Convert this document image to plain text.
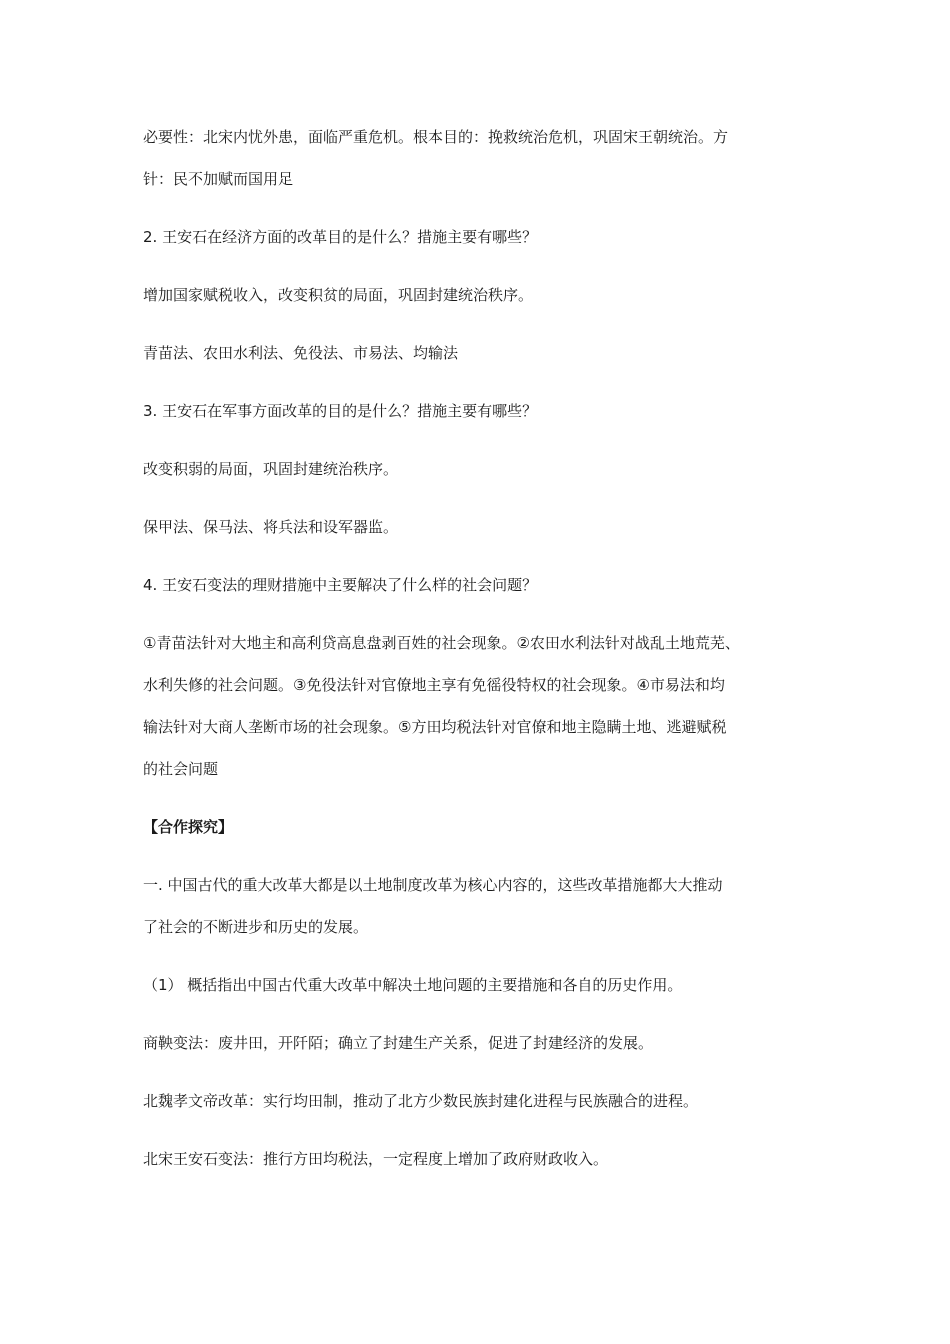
必要性：北宋内忧外患，面临严重危机。根本目的：挽救统治危机，巩固宋王朝统治。方

针：民不加赋而国用足

2. 王安石在经济方面的改革目的是什么？措施主要有哪些？

增加国家赋税收入，改变积贫的局面，巩固封建统治秩序。

青苗法、农田水利法、免役法、市易法、均输法

3. 王安石在军事方面改革的目的是什么？措施主要有哪些？

改变积弱的局面，巩固封建统治秩序。

保甲法、保马法、将兵法和设军器监。

4. 王安石变法的理财措施中主要解决了什么样的社会问题？

①青苗法针对大地主和高利贷高息盘剥百姓的社会现象。②农田水利法针对战乱土地荒芜、

水利失修的社会问题。③免役法针对官僚地主享有免徭役特权的社会现象。④市易法和均

输法针对大商人垄断市场的社会现象。⑤方田均税法针对官僚和地主隐瞒土地、逃避赋税

的社会问题

【合作探究】

一. 中国古代的重大改革大都是以土地制度改革为核心内容的，这些改革措施都大大推动

了社会的不断进步和历史的发展。

（1） 概括指出中国古代重大改革中解决土地问题的主要措施和各自的历史作用。

商鞅变法：废井田，开阡陌；确立了封建生产关系，促进了封建经济的发展。

北魏孝文帝改革：实行均田制，推动了北方少数民族封建化进程与民族融合的进程。

北宋王安石变法：推行方田均税法，一定程度上增加了政府财政收入。
